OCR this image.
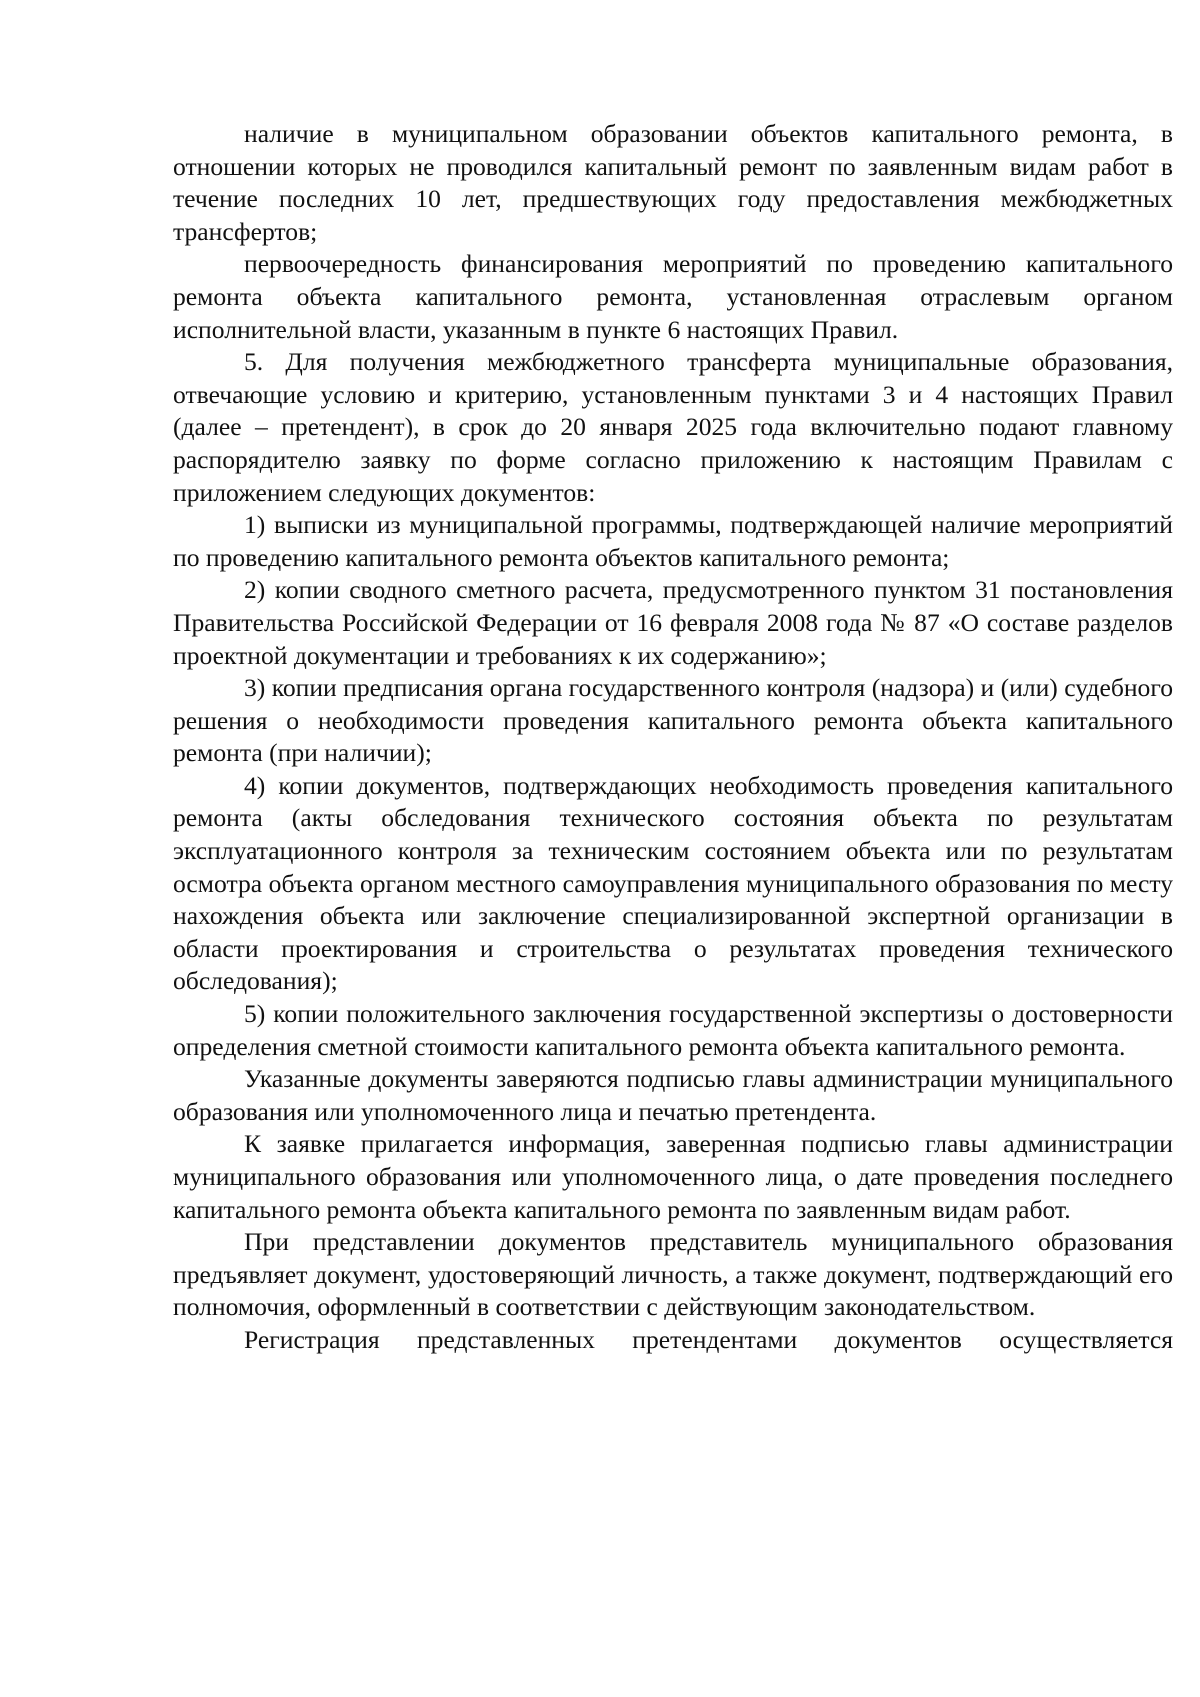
наличие в муниципальном образовании объектов капитального ремонта, в отношении которых не проводился капитальный ремонт по заявленным видам работ в течение последних 10 лет, предшествующих году предоставления межбюджетных трансфертов;

первоочередность финансирования мероприятий по проведению капитального ремонта объекта капитального ремонта, установленная отраслевым органом исполнительной власти, указанным в пункте 6 настоящих Правил.

5. Для получения межбюджетного трансферта муниципальные образования, отвечающие условию и критерию, установленным пунктами 3 и 4 настоящих Правил (далее – претендент), в срок до 20 января 2025 года включительно подают главному распорядителю заявку по форме согласно приложению к настоящим Правилам с приложением следующих документов:

1) выписки из муниципальной программы, подтверждающей наличие мероприятий по проведению капитального ремонта объектов капитального ремонта;

2) копии сводного сметного расчета, предусмотренного пунктом 31 постановления Правительства Российской Федерации от 16 февраля 2008 года № 87 «О составе разделов проектной документации и требованиях к их содержанию»;

3) копии предписания органа государственного контроля (надзора) и (или) судебного решения о необходимости проведения капитального ремонта объекта капитального ремонта (при наличии);

4) копии документов, подтверждающих необходимость проведения капитального ремонта (акты обследования технического состояния объекта по результатам эксплуатационного контроля за техническим состоянием объекта или по результатам осмотра объекта органом местного самоуправления муниципального образования по месту нахождения объекта или заключение специализированной экспертной организации в области проектирования и строительства о результатах проведения технического обследования);

5) копии положительного заключения государственной экспертизы о достоверности определения сметной стоимости капитального ремонта объекта капитального ремонта.

Указанные документы заверяются подписью главы администрации муниципального образования или уполномоченного лица и печатью претендента.

К заявке прилагается информация, заверенная подписью главы администрации муниципального образования или уполномоченного лица, о дате проведения последнего капитального ремонта объекта капитального ремонта по заявленным видам работ.

При представлении документов представитель муниципального образования предъявляет документ, удостоверяющий личность, а также документ, подтверждающий его полномочия, оформленный в соответствии с действующим законодательством.

Регистрация представленных претендентами документов осуществляется
